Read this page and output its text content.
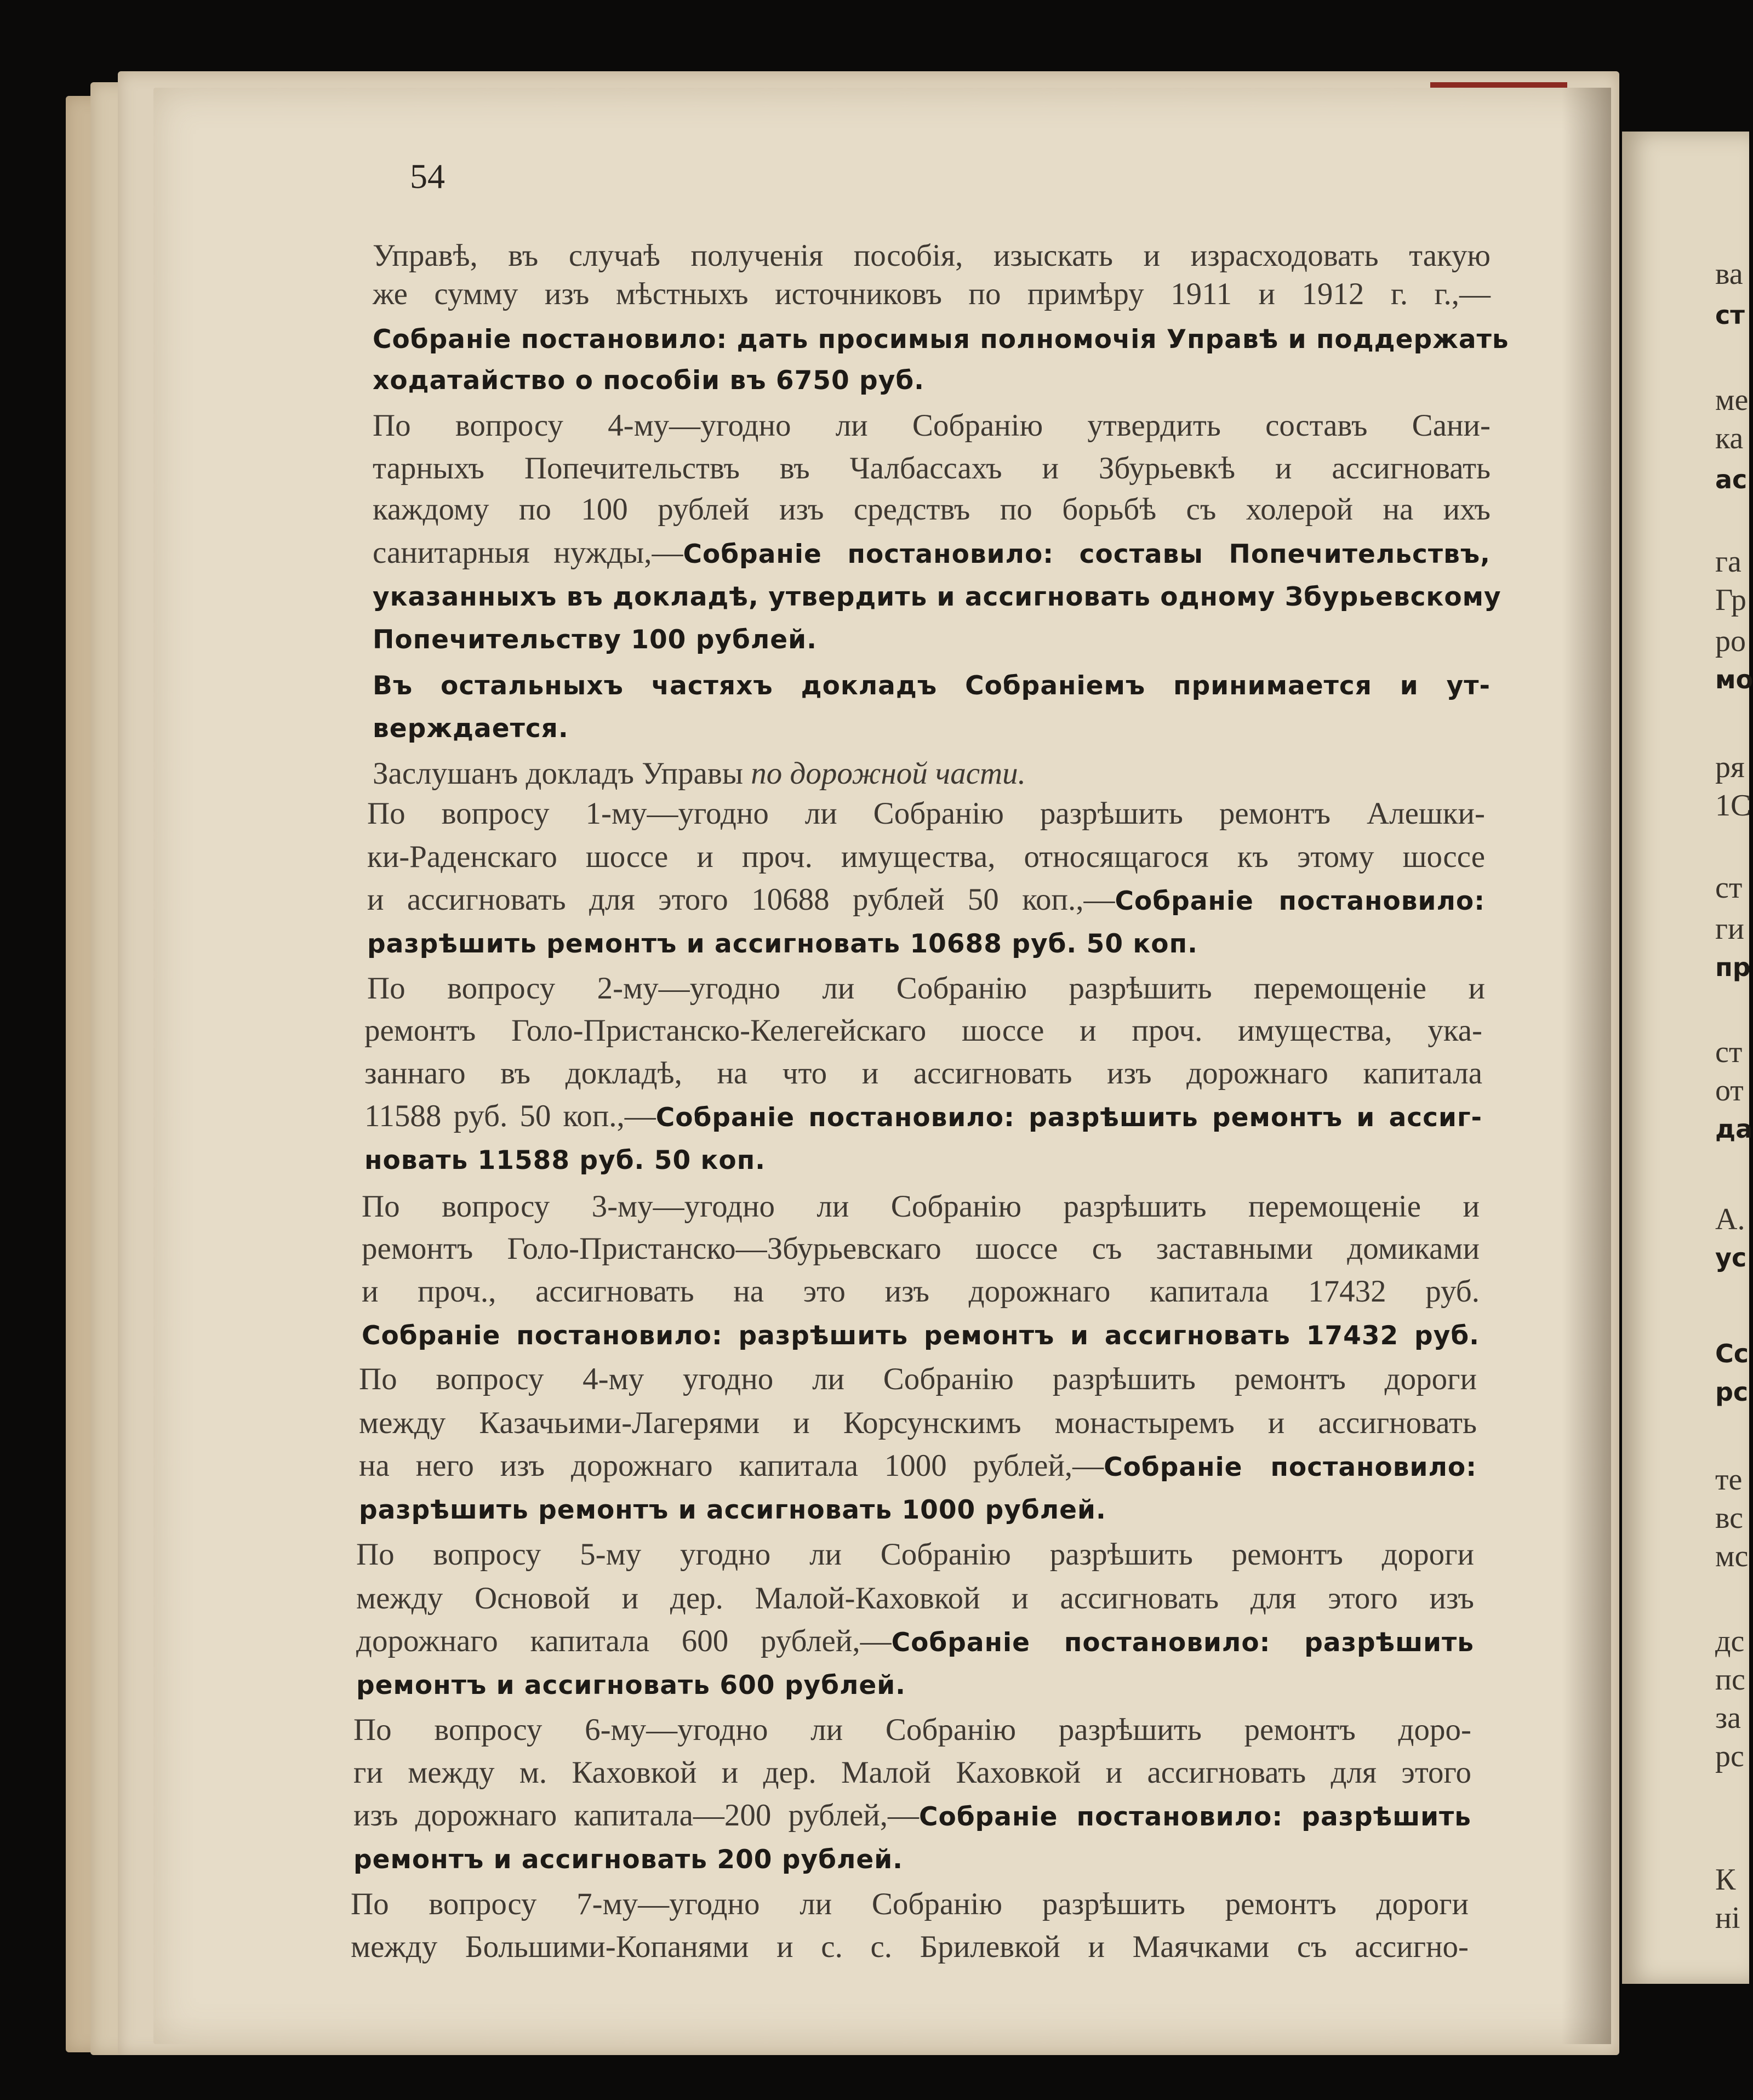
54
Управѣ, въ случаѣ полученія пособія, изыскать и израсходовать такую
же сумму изъ мѣстныхъ источниковъ по примѣру 1911 и 1912 г. г.,—
Собраніе постановило: дать просимыя полномочія Управѣ и поддержать
ходатайство о пособіи въ 6750 руб.
По вопросу 4-му—угодно ли Собранію утвердить составъ Сани-
тарныхъ Попечительствъ въ Чалбассахъ и Збурьевкѣ и ассигновать
каждому по 100 рублей изъ средствъ по борьбѣ съ холерой на ихъ
санитарныя нужды,—Собраніе постановило: составы Попечительствъ,
указанныхъ въ докладѣ, утвердить и ассигновать одному Збурьевскому
Попечительству 100 рублей.
Въ остальныхъ частяхъ докладъ Собраніемъ принимается и ут-
верждается.
Заслушанъ докладъ Управы по дорожной части.
По вопросу 1-му—угодно ли Собранію разрѣшить ремонтъ Алешки-
ки-Раденскаго шоссе и проч. имущества, относящагося къ этому шоссе
и ассигновать для этого 10688 рублей 50 коп.,—Собраніе постановило:
разрѣшить ремонтъ и ассигновать 10688 руб. 50 коп.
По вопросу 2-му—угодно ли Собранію разрѣшить перемощеніе и
ремонтъ Голо-Пристанско-Келегейскаго шоссе и проч. имущества, ука-
заннаго въ докладѣ, на что и ассигновать изъ дорожнаго капитала
11588 руб. 50 коп.,—Собраніе постановило: разрѣшить ремонтъ и ассиг-
новать 11588 руб. 50 коп.
По вопросу 3-му—угодно ли Собранію разрѣшить перемощеніе и
ремонтъ Голо-Пристанско—Збурьевскаго шоссе съ заставными домиками
и проч., ассигновать на это изъ дорожнаго капитала 17432 руб.
Собраніе постановило: разрѣшить ремонтъ и ассигновать 17432 руб.
По вопросу 4-му угодно ли Собранію разрѣшить ремонтъ дороги
между Казачьими-Лагерями и Корсунскимъ монастыремъ и ассигновать
на него изъ дорожнаго капитала 1000 рублей,—Собраніе постановило:
разрѣшить ремонтъ и ассигновать 1000 рублей.
По вопросу 5-му угодно ли Собранію разрѣшить ремонтъ дороги
между Основой и дер. Малой-Каховкой и ассигновать для этого изъ
дорожнаго капитала 600 рублей,—Собраніе постановило: разрѣшить
ремонтъ и ассигновать 600 рублей.
По вопросу 6-му—угодно ли Собранію разрѣшить ремонтъ доро-
ги между м. Каховкой и дер. Малой Каховкой и ассигновать для этого
изъ дорожнаго капитала—200 рублей,—Собраніе постановило: разрѣшить
ремонтъ и ассигновать 200 рублей.
По вопросу 7-му—угодно ли Собранію разрѣшить ремонтъ дороги
между Большими-Копанями и с. с. Брилевкой и Маячками съ ассигно-
ва
ст
ме
ка
ас
га
Гр
ро
мо
ря
1С
ст
ги
пр
ст
от
да
А.
ус
Сс
рс
те
вс
мс
дс
пс
за
рс
К
ні
